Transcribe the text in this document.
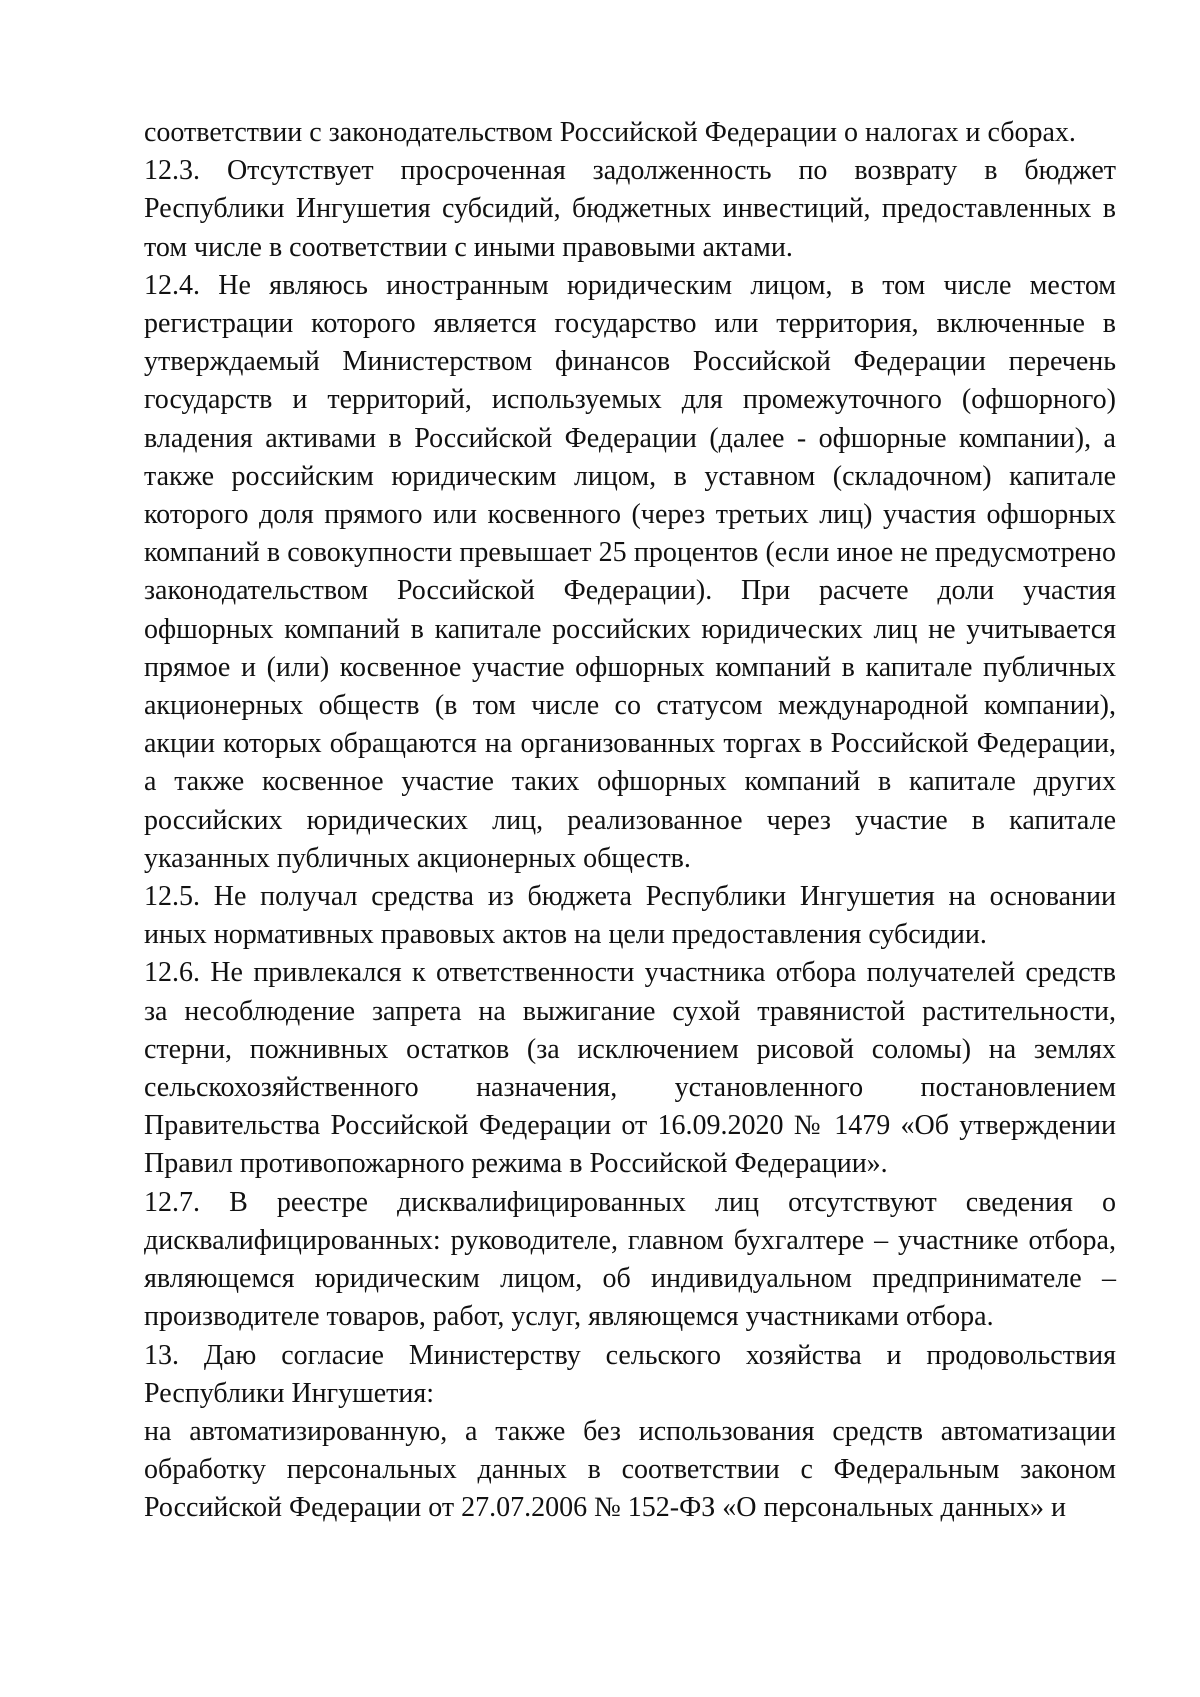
соответствии с законодательством Российской Федерации о налогах и сборах.

12.3. Отсутствует просроченная задолженность по возврату в бюджет Республики Ингушетия субсидий, бюджетных инвестиций, предоставленных в том числе в соответствии с иными правовыми актами.

12.4. Не являюсь иностранным юридическим лицом, в том числе местом регистрации которого является государство или территория, включенные в утверждаемый Министерством финансов Российской Федерации перечень государств и территорий, используемых для промежуточного (офшорного) владения активами в Российской Федерации (далее - офшорные компании), а также российским юридическим лицом, в уставном (складочном) капитале которого доля прямого или косвенного (через третьих лиц) участия офшорных компаний в совокупности превышает 25 процентов (если иное не предусмотрено законодательством Российской Федерации). При расчете доли участия офшорных компаний в капитале российских юридических лиц не учитывается прямое и (или) косвенное участие офшорных компаний в капитале публичных акционерных обществ (в том числе со статусом международной компании), акции которых обращаются на организованных торгах в Российской Федерации, а также косвенное участие таких офшорных компаний в капитале других российских юридических лиц, реализованное через участие в капитале указанных публичных акционерных обществ.

12.5. Не получал средства из бюджета Республики Ингушетия на основании иных нормативных правовых актов на цели предоставления субсидии.

12.6. Не привлекался к ответственности участника отбора получателей средств за несоблюдение запрета на выжигание сухой травянистой растительности, стерни, пожнивных остатков (за исключением рисовой соломы) на землях сельскохозяйственного назначения, установленного постановлением Правительства Российской Федерации от 16.09.2020 № 1479 «Об утверждении Правил противопожарного режима в Российской Федерации».

12.7. В реестре дисквалифицированных лиц отсутствуют сведения о дисквалифицированных: руководителе, главном бухгалтере – участнике отбора, являющемся юридическим лицом, об индивидуальном предпринимателе – производителе товаров, работ, услуг, являющемся участниками отбора.

13. Даю согласие Министерству сельского хозяйства и продовольствия Республики Ингушетия:

на автоматизированную, а также без использования средств автоматизации обработку персональных данных в соответствии с Федеральным законом Российской Федерации от 27.07.2006 № 152-ФЗ «О персональных данных» и
